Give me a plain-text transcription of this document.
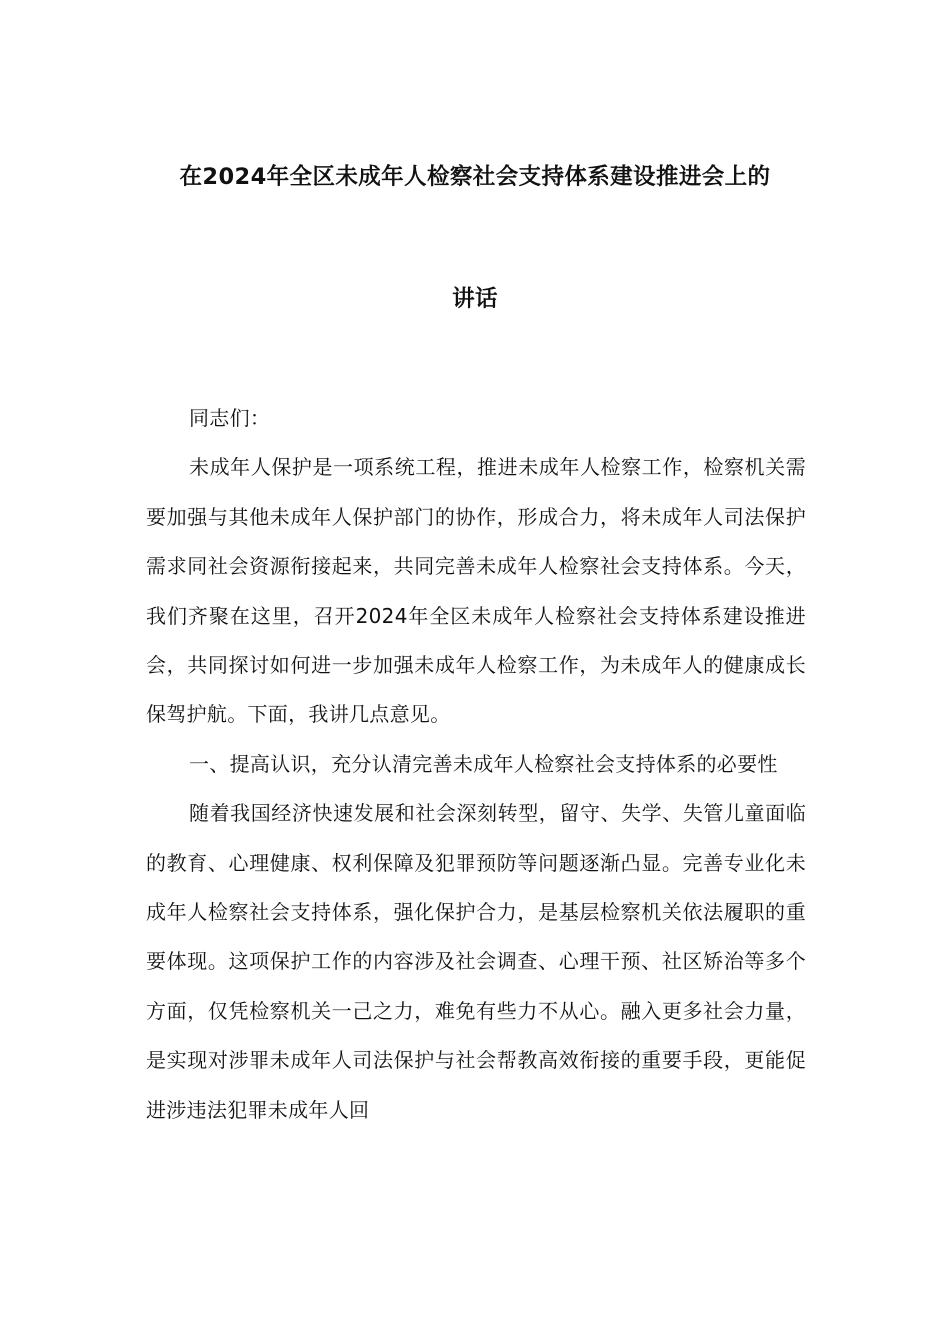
在2024年全区未成年人检察社会支持体系建设推进会上的
讲话

同志们：

未成年人保护是一项系统工程，推进未成年人检察工作，检察机关需要加强与其他未成年人保护部门的协作，形成合力，将未成年人司法保护需求同社会资源衔接起来，共同完善未成年人检察社会支持体系。今天，我们齐聚在这里，召开2024年全区未成年人检察社会支持体系建设推进会，共同探讨如何进一步加强未成年人检察工作，为未成年人的健康成长保驾护航。下面，我讲几点意见。

一、提高认识，充分认清完善未成年人检察社会支持体系的必要性

随着我国经济快速发展和社会深刻转型，留守、失学、失管儿童面临的教育、心理健康、权利保障及犯罪预防等问题逐渐凸显。完善专业化未成年人检察社会支持体系，强化保护合力，是基层检察机关依法履职的重要体现。这项保护工作的内容涉及社会调查、心理干预、社区矫治等多个方面，仅凭检察机关一己之力，难免有些力不从心。融入更多社会力量，是实现对涉罪未成年人司法保护与社会帮教高效衔接的重要手段，更能促进涉违法犯罪未成年人回
